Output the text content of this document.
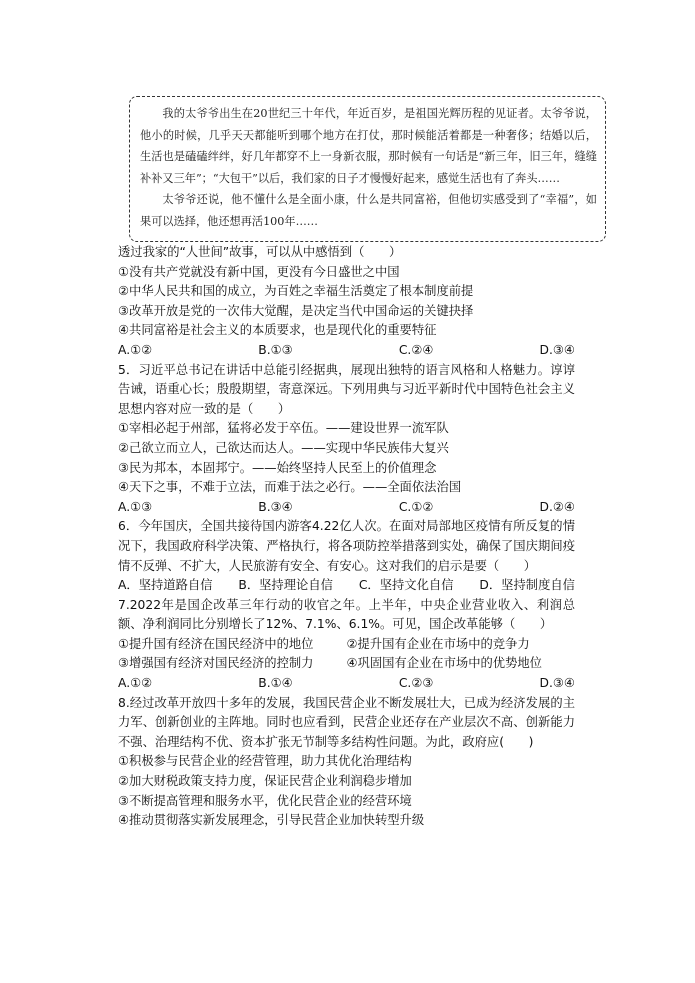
我的太爷爷出生在20世纪三十年代，年近百岁，是祖国光辉历程的见证者。太爷爷说，他小的时候，几乎天天都能听到哪个地方在打仗，那时候能活着都是一种奢侈；结婚以后，生活也是磕磕绊绊，好几年都穿不上一身新衣服，那时候有一句话是“新三年，旧三年，缝缝补补又三年”；“大包干”以后，我们家的日子才慢慢好起来，感觉生活也有了奔头……

太爷爷还说，他不懂什么是全面小康，什么是共同富裕，但他切实感受到了“幸福”，如果可以选择，他还想再活100年……

透过我家的“人世间”故事，可以从中感悟到（　　）
①没有共产党就没有新中国，更没有今日盛世之中国
②中华人民共和国的成立，为百姓之幸福生活奠定了根本制度前提
③改革开放是党的一次伟大觉醒，是决定当代中国命运的关键抉择
④共同富裕是社会主义的本质要求，也是现代化的重要特征
A.①②	B.①③	C.②④	D.③④
5．习近平总书记在讲话中总能引经据典，展现出独特的语言风格和人格魅力。谆谆告诫，语重心长；殷殷期望，寄意深远。下列用典与习近平新时代中国特色社会主义思想内容对应一致的是（　　）
①宰相必起于州部，猛将必发于卒伍。——建设世界一流军队
②己欲立而立人，己欲达而达人。——实现中华民族伟大复兴
③民为邦本，本固邦宁。——始终坚持人民至上的价值理念
④天下之事，不难于立法，而难于法之必行。——全面依法治国
A.①③	B.③④	C.①②	D.②④
6．今年国庆，全国共接待国内游客4.22亿人次。在面对局部地区疫情有所反复的情况下，我国政府科学决策、严格执行，将各项防控举措落到实处，确保了国庆期间疫情不反弹、不扩大，人民旅游有安全、有安心。这对我们的启示是要（　　）
A．坚持道路自信 B．坚持理论自信 C．坚持文化自信 D．坚持制度自信
7.2022年是国企改革三年行动的收官之年。上半年，中央企业营业收入、利润总额、净利润同比分别增长了12%、7.1%、6.1%。可见，国企改革能够（　　）
①提升国有经济在国民经济中的地位	②提升国有企业在市场中的竞争力
③增强国有经济对国民经济的控制力	④巩固国有企业在市场中的优势地位
A.①②	B.①④	C.②③	D.③④
8.经过改革开放四十多年的发展，我国民营企业不断发展壮大，已成为经济发展的主力军、创新创业的主阵地。同时也应看到，民营企业还存在产业层次不高、创新能力不强、治理结构不优、资本扩张无节制等多结构性问题。为此，政府应(　　)
①积极参与民营企业的经营管理，助力其优化治理结构
②加大财税政策支持力度，保证民营企业利润稳步增加
③不断提高管理和服务水平，优化民营企业的经营环境
④推动贯彻落实新发展理念，引导民营企业加快转型升级
